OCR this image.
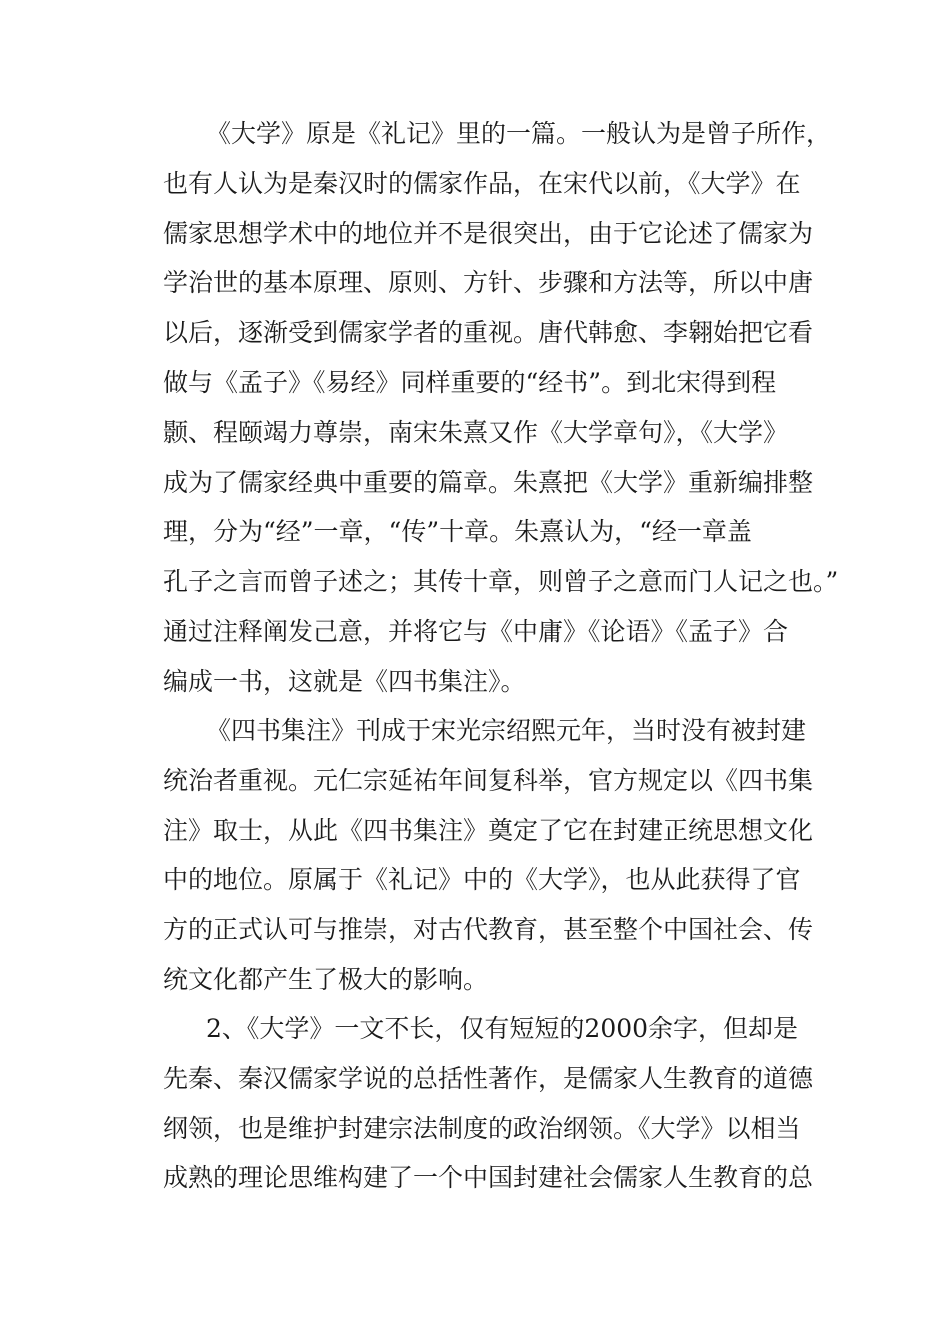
《大学》原是《礼记》里的一篇。一般认为是曾子所作，
也有人认为是秦汉时的儒家作品，在宋代以前，《大学》在
儒家思想学术中的地位并不是很突出，由于它论述了儒家为
学治世的基本原理、原则、方针、步骤和方法等，所以中唐
以后，逐渐受到儒家学者的重视。唐代韩愈、李翱始把它看
做与《孟子》《易经》同样重要的“经书”。到北宋得到程
颢、程颐竭力尊崇，南宋朱熹又作《大学章句》，《大学》
成为了儒家经典中重要的篇章。朱熹把《大学》重新编排整
理，分为“经”一章，“传”十章。朱熹认为，“经一章盖
孔子之言而曾子述之；其传十章，则曾子之意而门人记之也。”
通过注释阐发己意，并将它与《中庸》《论语》《孟子》合
编成一书，这就是《四书集注》。
《四书集注》刊成于宋光宗绍熙元年，当时没有被封建
统治者重视。元仁宗延祐年间复科举，官方规定以《四书集
注》取士，从此《四书集注》奠定了它在封建正统思想文化
中的地位。原属于《礼记》中的《大学》，也从此获得了官
方的正式认可与推崇，对古代教育，甚至整个中国社会、传
统文化都产生了极大的影响。
2、《大学》一文不长，仅有短短的2000余字，但却是
先秦、秦汉儒家学说的总括性著作，是儒家人生教育的道德
纲领，也是维护封建宗法制度的政治纲领。《大学》以相当
成熟的理论思维构建了一个中国封建社会儒家人生教育的总
